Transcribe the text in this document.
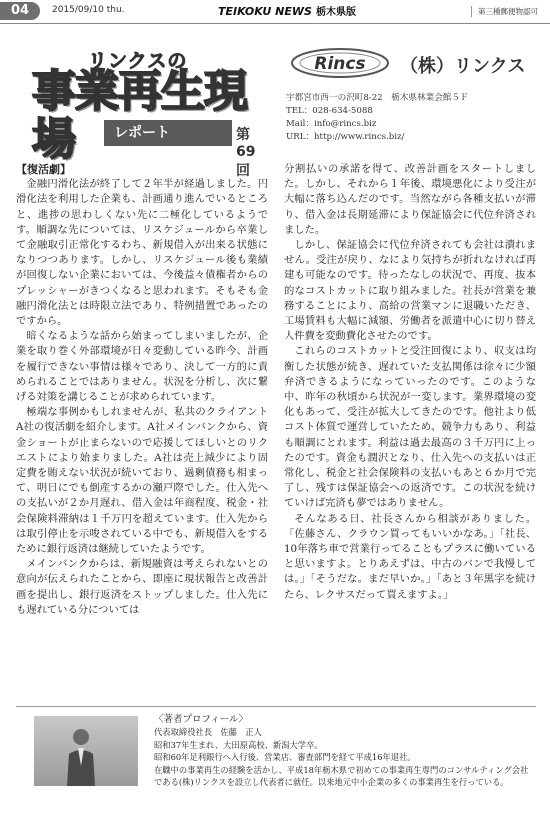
04	2015/09/10 thu.	TEIKOKU NEWS 栃木県版	第三種郵便物認可
リンクスの
事業再生現場	レポート	第69回
Rincs （株）リンクス
宇都宮市西一の沢町8-22　栃木県林業会館５Ｆ
TEL：028-634-5088
Mail：info@rincs.biz
URL：http://www.rincs.biz/

【復活劇】

金融円滑化法が終了して２年半が経過しました。円滑化法を利用した企業も、計画通り進んでいるところと、進捗の思わしくない先に二極化しているようです。順調な先については、リスケジュールから卒業して金融取引正常化するわち、新規借入が出来る状態になりつつあります。しかし、リスケジュール後も業績が回復しない企業においては、今後益々債権者からのプレッシャーがきつくなると思われます。そもそも金融円滑化法とは時限立法であり、特例措置であったのですから。

暗くなるような話から始まってしまいましたが、企業を取り巻く外部環境が日々変動している昨今、計画を履行できない事情は様々であり、決して一方的に責められることではありません。状況を分析し、次に繋げる対策を講じることが求められています。

極端な事例かもしれませんが、私共のクライアントA社の復活劇を紹介します。A社メインバンクから、資金ショートが止まらないので応援してほしいとのリクエストにより始まりました。A社は売上減少により固定費を賄えない状況が続いており、過剰債務も相まって、明日にでも倒産するかの瀬戸際でした。仕入先への支払いが２か月遅れ、借入金は年商程度、税金・社会保険料滞納は１千万円を超えています。仕入先からは取引停止を示唆されている中でも、新規借入をするために銀行返済は継続していたようです。

メインバンクからは、新規融資は考えられないとの意向が伝えられたことから、即座に現状報告と改善計画を提出し、銀行返済をストップしました。仕入先にも遅れている分については

分割払いの承諾を得て、改善計画をスタートしました。しかし、それから１年後、環境悪化により受注が大幅に落ち込んだのです。当然ながら各種支払いが滞り、借入金は長期延滞により保証協会に代位弁済されました。

しかし、保証協会に代位弁済されても会社は潰れません。受注が戻り、なにより気持ちが折れなければ再建も可能なのです。待ったなしの状況で、再度、抜本的なコストカットに取り組みました。社長が営業を兼務することにより、高給の営業マンに退職いただき、工場賃料も大幅に減額、労働者を派遣中心に切り替え人件費を変動費化させたのです。

これらのコストカットと受注回復により、収支は均衡した状態が続き、遅れていた支払関係は徐々に少額弁済できるようになっていったのです。このような中、昨年の秋頃から状況が一変します。業界環境の変化もあって、受注が拡大してきたのです。他社より低コスト体質で運営していたため、競争力もあり、利益も順調にとれます。利益は過去最高の３千万円に上ったのです。資金も潤沢となり、仕入先への支払いは正常化し、税金と社会保険料の支払いもあと６か月で完了し、残すは保証協会への返済です。この状況を続けていけば完済も夢ではありません。

そんなある日、社長さんから相談がありました。「佐藤さん、クラウン買ってもいいかなあ。」「社長、10年落ち車で営業行ってることもプラスに働いていると思いますよ。とりあえずは、中古のバンで我慢しては。」「そうだな。まだ早いか。」「あと３年黒字を続けたら、レクサスだって買えますよ。」

〈著者プロフィール〉
代表取締役社長　佐藤　正人
昭和37年生まれ、大田原高校、新潟大学卒。
昭和60年足利銀行へ入行後、営業店、審査部門を経て平成16年退社。
在職中の事業再生の経験を活かし、平成18年栃木県で初めての事業再生専門のコンサルティング会社である(株)リンクスを設立し代表者に就任。以来地元中小企業の多くの事業再生を行っている。
